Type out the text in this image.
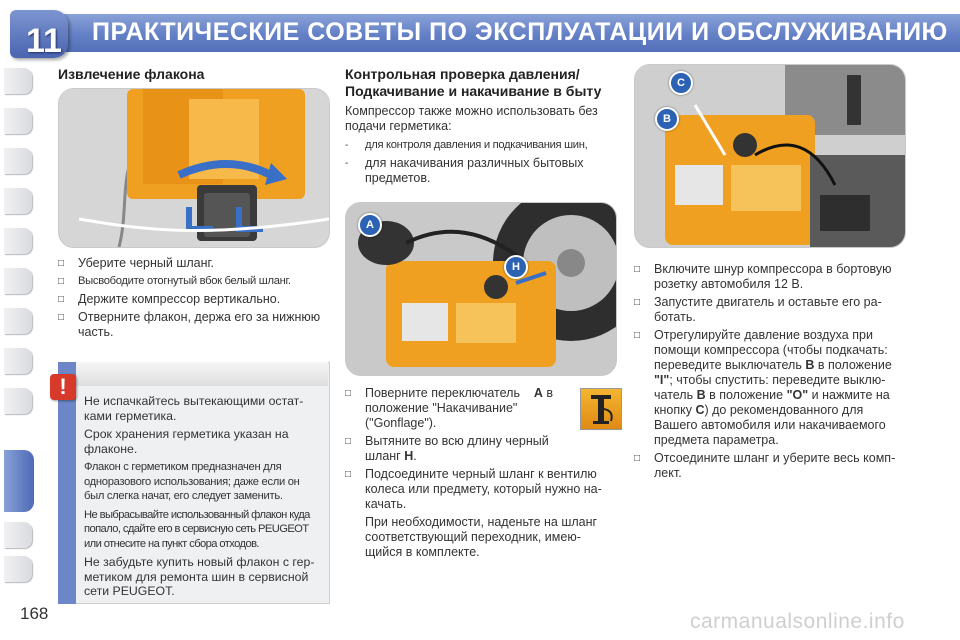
ПРАКТИЧЕСКИЕ СОВЕТЫ ПО ЭКСПЛУАТАЦИИ И ОБСЛУЖИВАНИЮ
11
168
Извлечение флакона
□ Уберите черный шланг.
□ Высвободите отогнутый вбок белый шланг.
□ Держите компрессор вертикально.
□ Отверните флакон, держа его за нижнюю часть.
!

Не испачкайтесь вытекающими остат-ками герметика.

Срок хранения герметика указан на флаконе.

Флакон с герметиком предназначен для одноразового использования; даже если он был слегка начат, его следует заменить.

Не выбрасывайте использованный флакон куда попало, сдайте его в сервисную сеть PEUGEOT или отнесите на пункт сбора отходов.

Не забудьте купить новый флакон с гер-метиком для ремонта шин в сервисной сети PEUGEOT.

Контрольная проверка давления/
Подкачивание и накачивание в быту
Компрессор также можно использовать без подачи герметика:
- для контроля давления и подкачивания шин,
- для накачивания различных бытовых предметов.
A
H
□ Поверните переключатель A в положение "Накачивание" ("Gonflage").
□ Вытяните во всю длину черный шланг H.
□ Подсоедините черный шланг к вентилю колеса или предмету, который нужно на-качать.
При необходимости, наденьте на шланг соответствующий переходник, имею-щийся в комплекте.
C
B
□ Включите шнур компрессора в бортовую розетку автомобиля 12 В.
□ Запустите двигатель и оставьте его ра-ботать.
□ Отрегулируйте давление воздуха при помощи компрессора (чтобы подкачать: переведите выключатель B в положение "I"; чтобы спустить: переведите выклю-чатель B в положение "O" и нажмите на кнопку C) до рекомендованного для Вашего автомобиля или накачиваемого предмета параметра.
□ Отсоедините шланг и уберите весь комп-лект.
carmanualsonline.info
